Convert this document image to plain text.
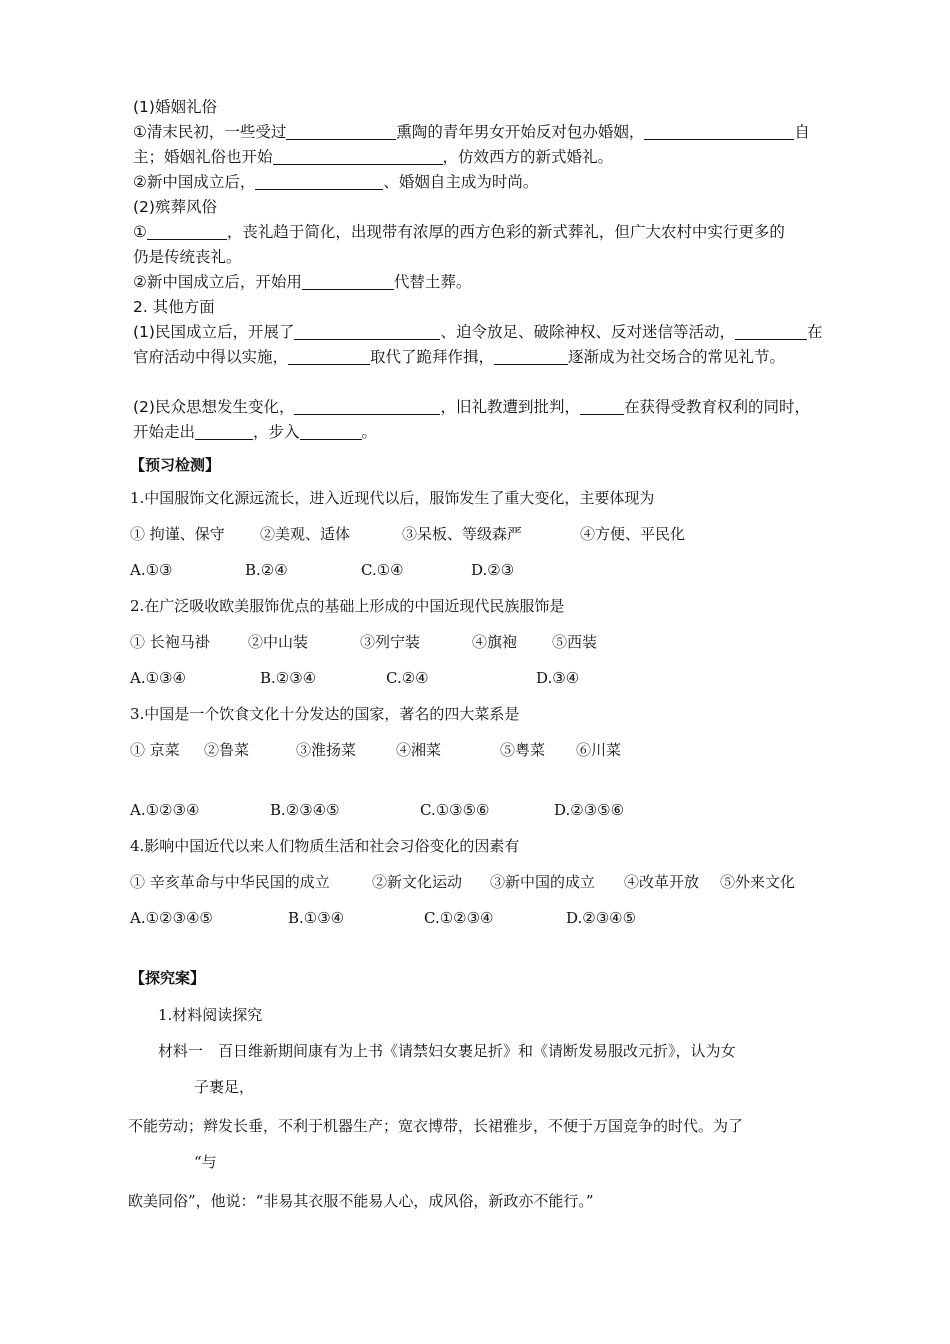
(1)婚姻礼俗
①清末民初，一些受过	熏陶的青年男女开始反对包办婚姻，	自
主；婚姻礼俗也开始	，仿效西方的新式婚礼。
②新中国成立后，	、婚姻自主成为时尚。
(2)殡葬风俗
①	，丧礼趋于简化，出现带有浓厚的西方色彩的新式葬礼，但广大农村中实行更多的
仍是传统丧礼。
②新中国成立后，开始用	代替土葬。
2. 其他方面
(1)民国成立后，开展了	、迫令放足、破除神权、反对迷信等活动，	在
官府活动中得以实施，	取代了跪拜作揖，	逐渐成为社交场合的常见礼节。
(2)民众思想发生变化，	，旧礼教遭到批判，	在获得受教育权利的同时，
开始走出	，步入	。
【预习检测】
1.中国服饰文化源远流长，进入近现代以后，服饰发生了重大变化，主要体现为
① 拘谨、保守 ②美观、适体	③呆板、等级森严	④方便、平民化
A.①③	B.②④	C.①④	D.②③
2.在广泛吸收欧美服饰优点的基础上形成的中国近现代民族服饰是
① 长袍马褂	②中山装	③列宁装	④旗袍 ⑤西装
A.①③④	B.②③④	C.②④	D.③④
3.中国是一个饮食文化十分发达的国家，著名的四大菜系是
① 京菜 ②鲁菜	③淮扬菜	④湘菜	⑤粤菜 ⑥川菜
A.①②③④	B.②③④⑤	C.①③⑤⑥	D.②③⑤⑥
4.影响中国近代以来人们物质生活和社会习俗变化的因素有
① 辛亥革命与中华民国的成立	②新文化运动 ③新中国的成立 ④改革开放 ⑤外来文化
A.①②③④⑤	B.①③④	C.①②③④	D.②③④⑤
【探究案】
1.材料阅读探究
材料一　百日维新期间康有为上书《请禁妇女裹足折》和《请断发易服改元折》，认为女
子裹足，
不能劳动；辫发长垂，不利于机器生产；宽衣博带，长裙雅步，不便于万国竞争的时代。为了
“与
欧美同俗”，他说：“非易其衣服不能易人心，成风俗，新政亦不能行。”
